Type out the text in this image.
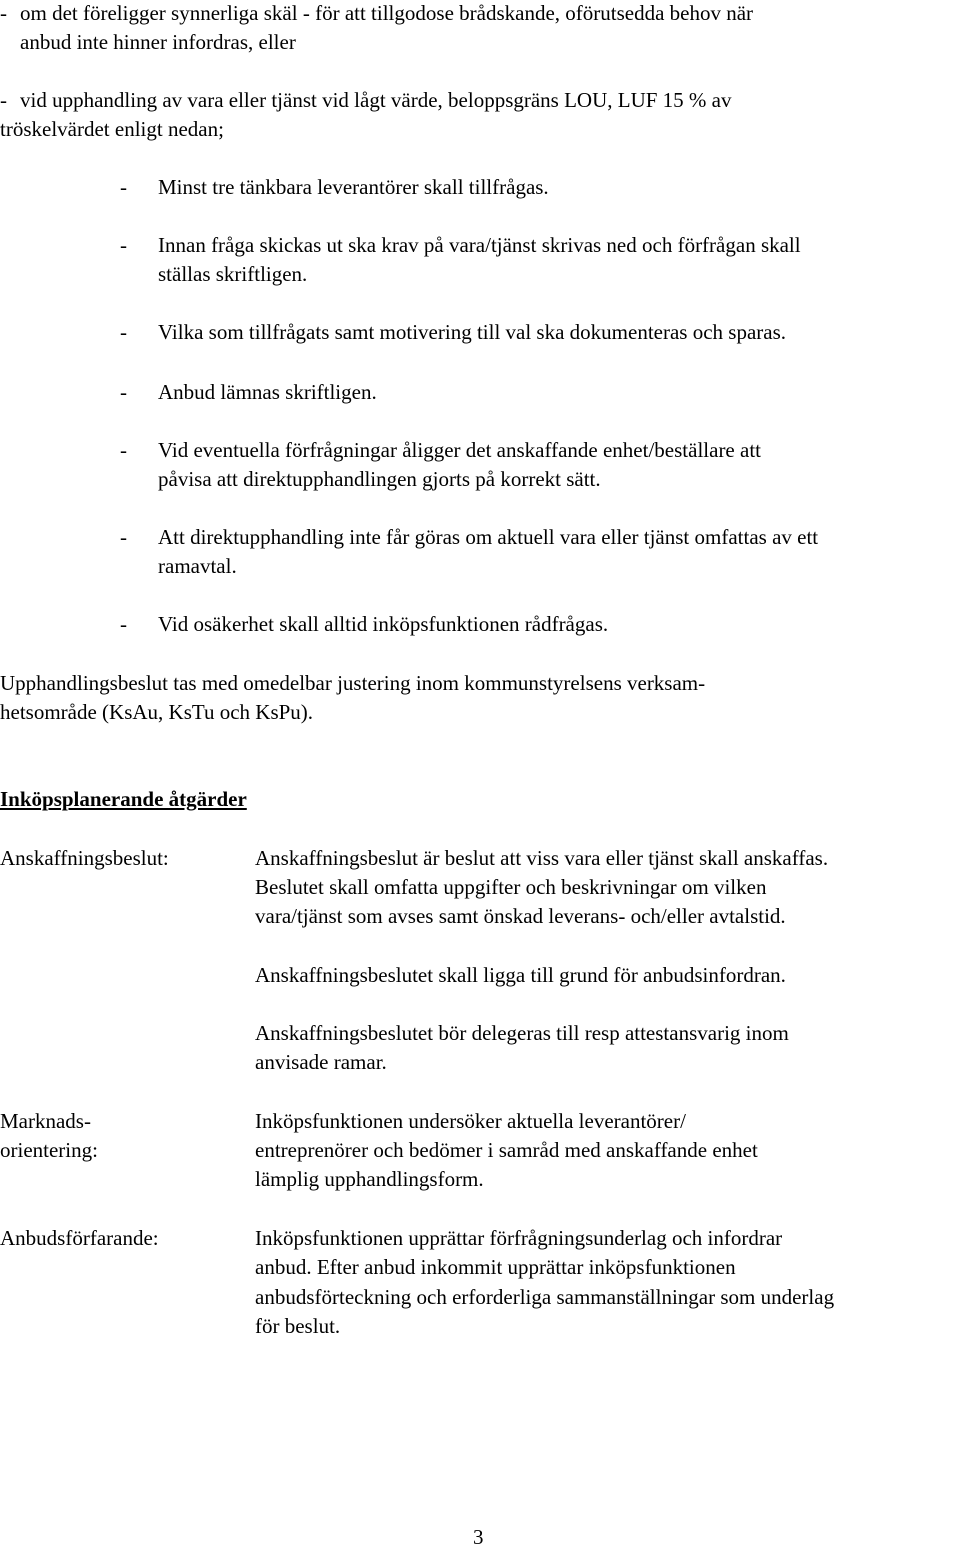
- om det föreligger synnerliga skäl - för att tillgodose brådskande, oförutsedda behov när
anbud inte hinner infordras, eller
- vid upphandling av vara eller tjänst vid lågt värde, beloppsgräns LOU, LUF 15 % av
tröskelvärdet enligt nedan;
- Minst tre tänkbara leverantörer skall tillfrågas.
- Innan fråga skickas ut ska krav på vara/tjänst skrivas ned och förfrågan skall
ställas skriftligen.
- Vilka som tillfrågats samt motivering till val ska dokumenteras och sparas.
- Anbud lämnas skriftligen.
- Vid eventuella förfrågningar åligger det anskaffande enhet/beställare att
påvisa att direktupphandlingen gjorts på korrekt sätt.
- Att direktupphandling inte får göras om aktuell vara eller tjänst omfattas av ett
ramavtal.
- Vid osäkerhet skall alltid inköpsfunktionen rådfrågas.
Upphandlingsbeslut tas med omedelbar justering inom kommunstyrelsens verksam-
hetsområde (KsAu, KsTu och KsPu).
Inköpsplanerande åtgärder
Anskaffningsbeslut:	Anskaffningsbeslut är beslut att viss vara eller tjänst skall anskaffas.
Beslutet skall omfatta uppgifter och beskrivningar om vilken
vara/tjänst som avses samt önskad leverans- och/eller avtalstid.
Anskaffningsbeslutet skall ligga till grund för anbudsinfordran.
Anskaffningsbeslutet bör delegeras till resp attestansvarig inom
anvisade ramar.
Marknads-
orientering:
Inköpsfunktionen undersöker aktuella leverantörer/
entreprenörer och bedömer i samråd med anskaffande enhet
lämplig upphandlingsform.
Anbudsförfarande:	Inköpsfunktionen upprättar förfrågningsunderlag och infordrar
anbud. Efter anbud inkommit upprättar inköpsfunktionen
anbudsförteckning och erforderliga sammanställningar som underlag
för beslut.
3
